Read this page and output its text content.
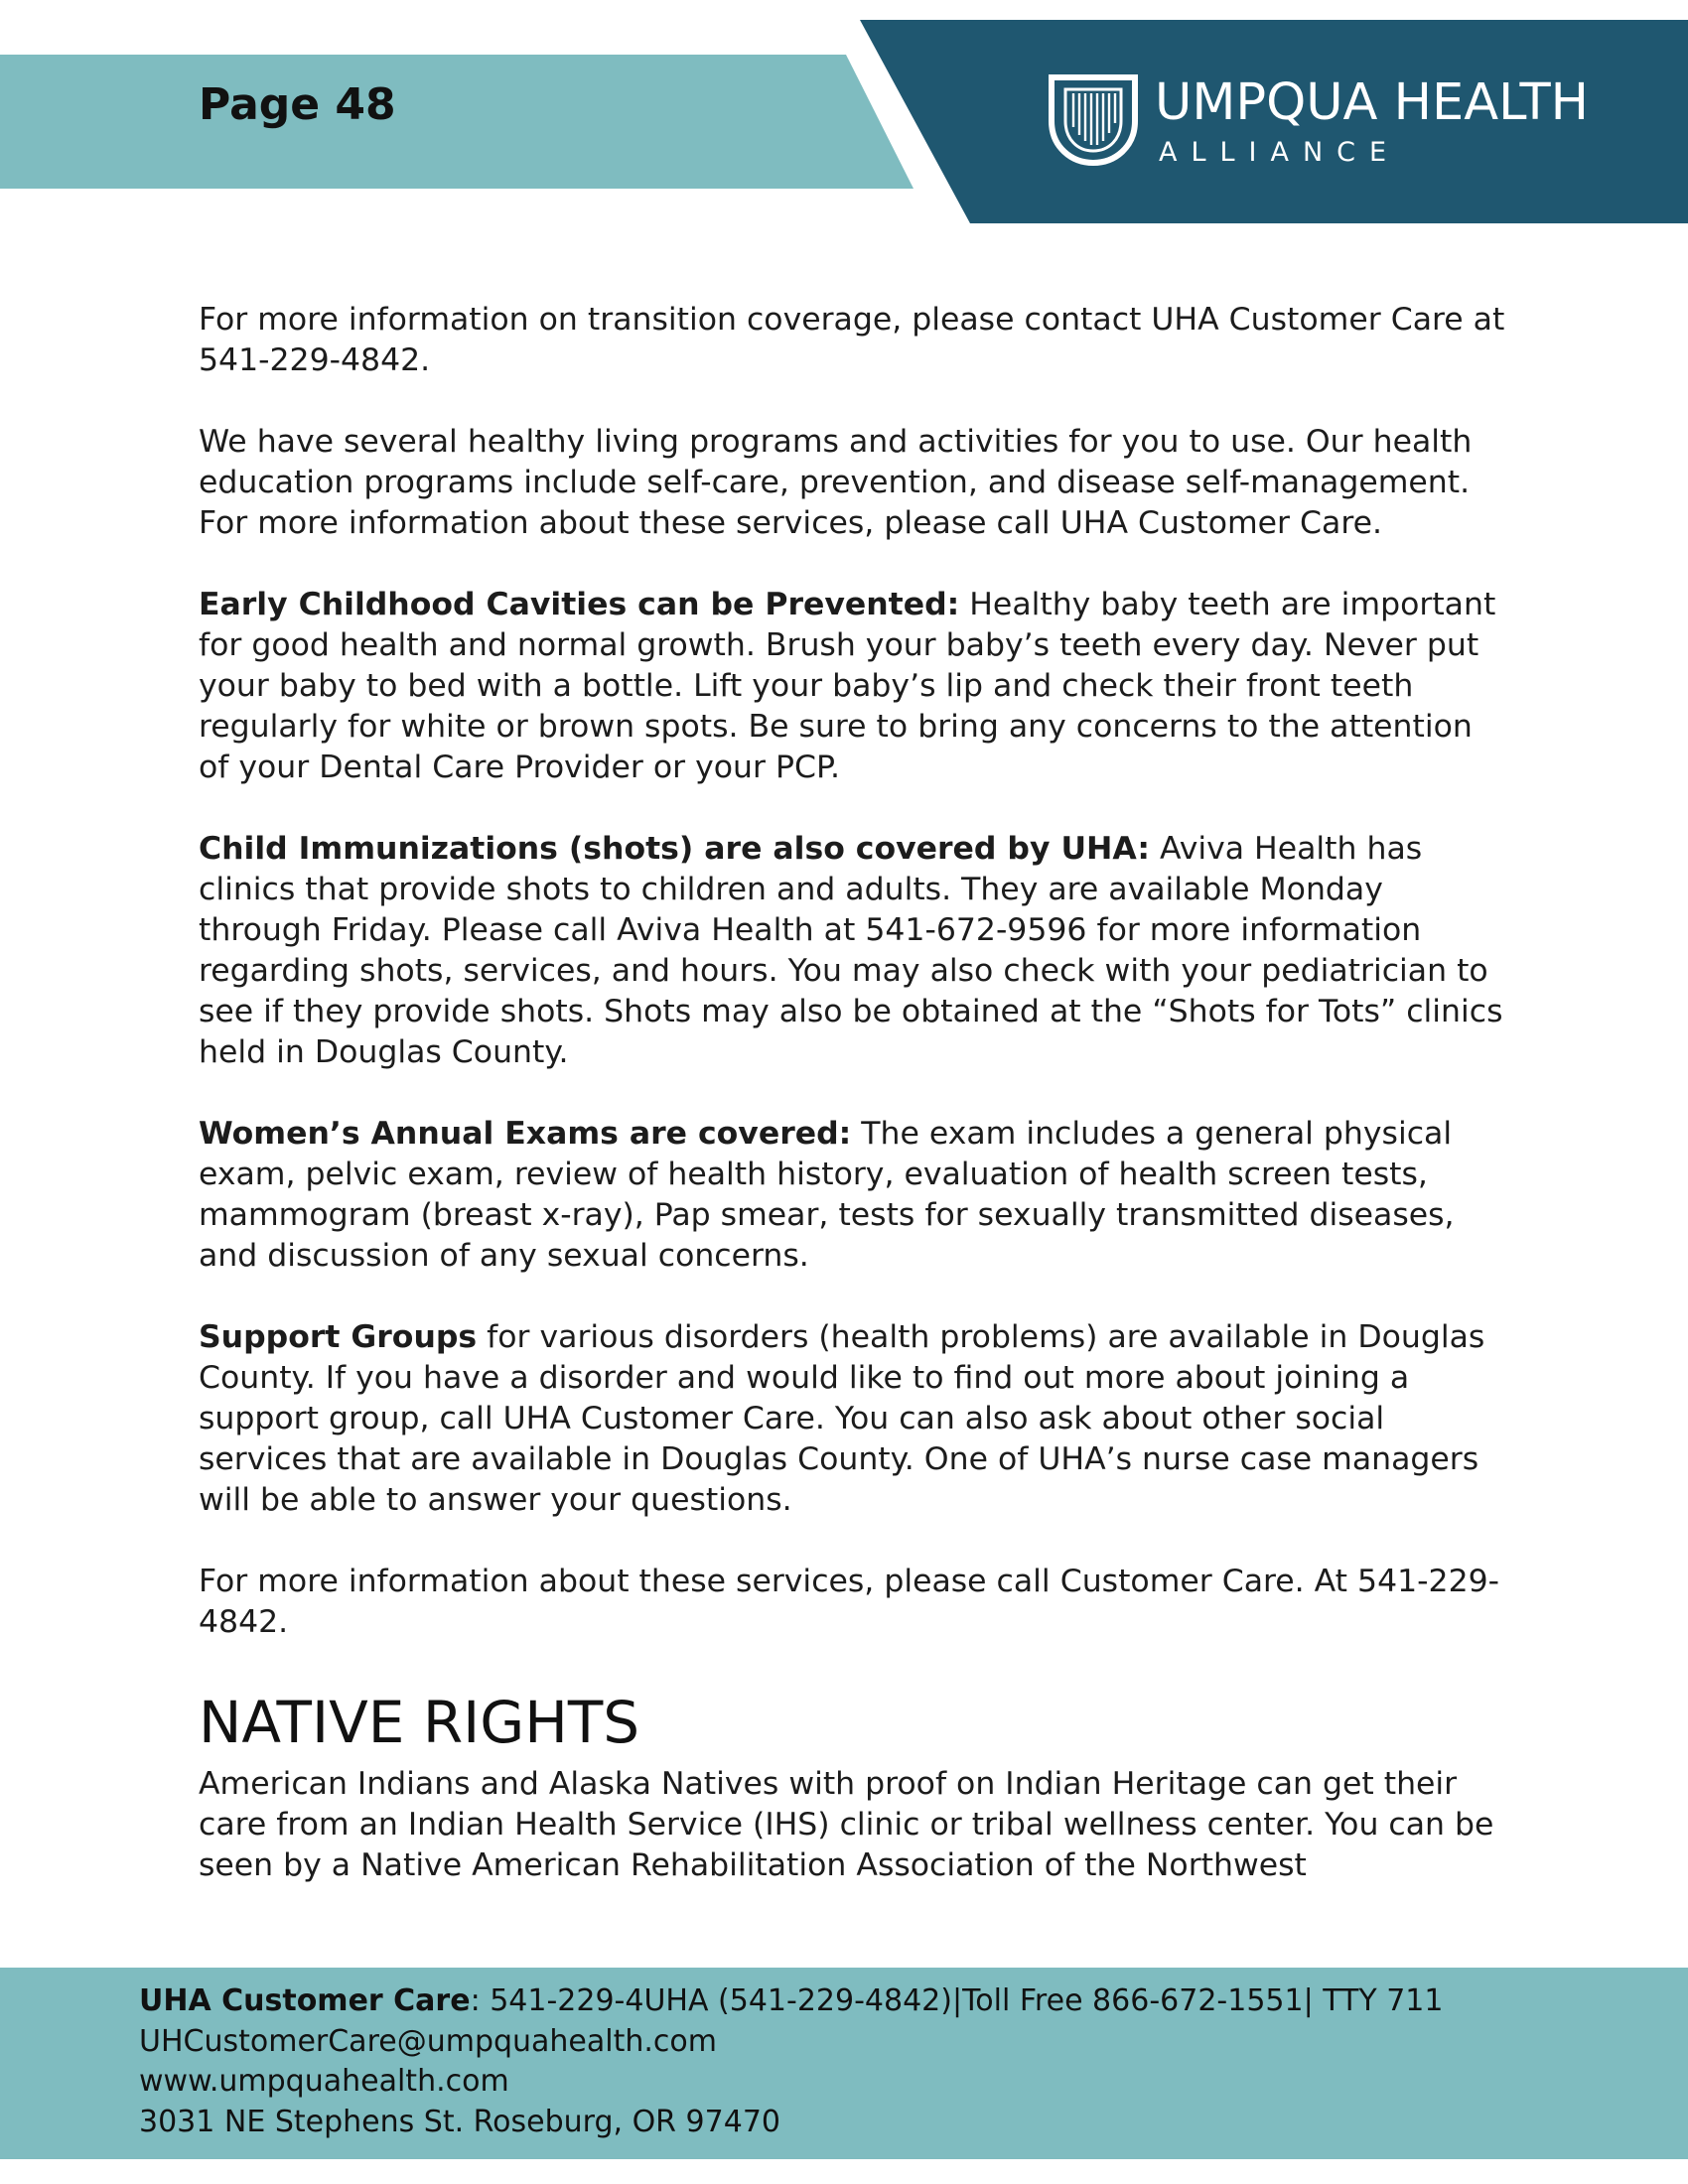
Page 48	UMPQUA HEALTH
ALLIANCE

For more information on transition coverage, please contact UHA Customer Care at 541-229-4842.

We have several healthy living programs and activities for you to use. Our health education programs include self-care, prevention, and disease self-management. For more information about these services, please call UHA Customer Care.

Early Childhood Cavities can be Prevented: Healthy baby teeth are important for good health and normal growth. Brush your baby’s teeth every day. Never put your baby to bed with a bottle. Lift your baby’s lip and check their front teeth regularly for white or brown spots. Be sure to bring any concerns to the attention of your Dental Care Provider or your PCP.

Child Immunizations (shots) are also covered by UHA: Aviva Health has clinics that provide shots to children and adults. They are available Monday through Friday. Please call Aviva Health at 541-672-9596 for more information regarding shots, services, and hours. You may also check with your pediatrician to see if they provide shots. Shots may also be obtained at the “Shots for Tots” clinics held in Douglas County.

Women’s Annual Exams are covered: The exam includes a general physical exam, pelvic exam, review of health history, evaluation of health screen tests, mammogram (breast x-ray), Pap smear, tests for sexually transmitted diseases, and discussion of any sexual concerns.

Support Groups for various disorders (health problems) are available in Douglas County. If you have a disorder and would like to find out more about joining a support group, call UHA Customer Care. You can also ask about other social services that are available in Douglas County. One of UHA’s nurse case managers will be able to answer your questions.

For more information about these services, please call Customer Care. At 541-229-4842.

NATIVE RIGHTS

American Indians and Alaska Natives with proof on Indian Heritage can get their care from an Indian Health Service (IHS) clinic or tribal wellness center. You can be seen by a Native American Rehabilitation Association of the Northwest

UHA Customer Care: 541-229-4UHA (541-229-4842)|Toll Free 866-672-1551| TTY 711
UHCustomerCare@umpquahealth.com
www.umpquahealth.com
3031 NE Stephens St. Roseburg, OR 97470
